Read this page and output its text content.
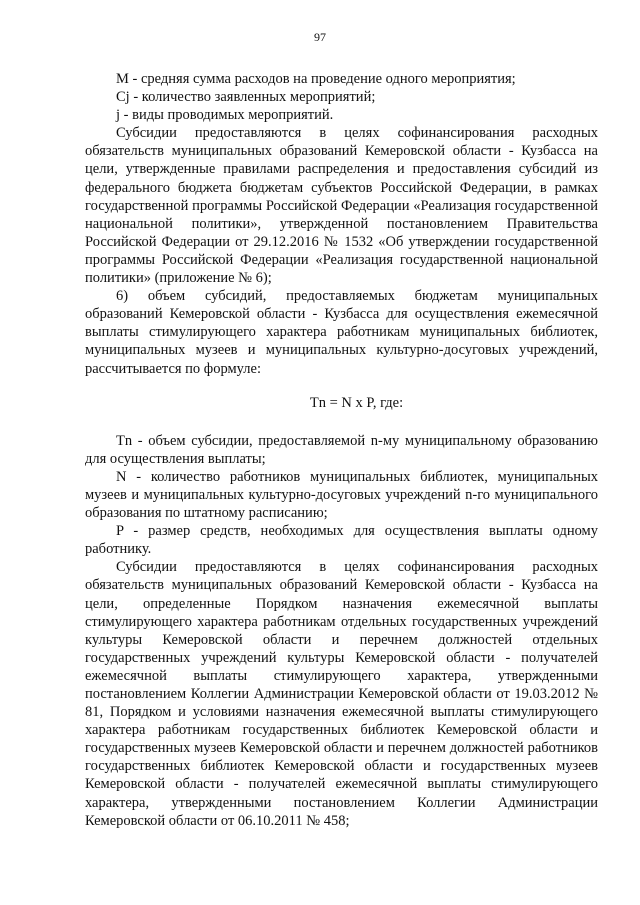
97

M - средняя сумма расходов на проведение одного мероприятия;

Cj - количество заявленных мероприятий;

j - виды проводимых мероприятий.

Субсидии предоставляются в целях софинансирования расходных обязательств муниципальных образований Кемеровской области - Кузбасса на цели, утвержденные правилами распределения и предоставления субсидий из федерального бюджета бюджетам субъектов Российской Федерации, в рамках государственной программы Российской Федерации «Реализация государственной национальной политики», утвержденной постановлением Правительства Российской Федерации от 29.12.2016 № 1532 «Об утверждении государственной программы Российской Федерации «Реализация государственной национальной политики» (приложение № 6);

6) объем субсидий, предоставляемых бюджетам муниципальных образований Кемеровской области - Кузбасса для осуществления ежемесячной выплаты стимулирующего характера работникам муниципальных библиотек, муниципальных музеев и муниципальных культурно-досуговых учреждений, рассчитывается по формуле:

Тn = N x P, где:

Тn - объем субсидии, предоставляемой n-му муниципальному образованию для осуществления выплаты;

N - количество работников муниципальных библиотек, муниципальных музеев и муниципальных культурно-досуговых учреждений n-го муниципального образования по штатному расписанию;

P - размер средств, необходимых для осуществления выплаты одному работнику.

Субсидии предоставляются в целях софинансирования расходных обязательств муниципальных образований Кемеровской области - Кузбасса на цели, определенные Порядком назначения ежемесячной выплаты стимулирующего характера работникам отдельных государственных учреждений культуры Кемеровской области и перечнем должностей отдельных государственных учреждений культуры Кемеровской области - получателей ежемесячной выплаты стимулирующего характера, утвержденными постановлением Коллегии Администрации Кемеровской области от 19.03.2012 № 81, Порядком и условиями назначения ежемесячной выплаты стимулирующего характера работникам государственных библиотек Кемеровской области и государственных музеев Кемеровской области и перечнем должностей работников государственных библиотек Кемеровской области и государственных музеев Кемеровской области - получателей ежемесячной выплаты стимулирующего характера, утвержденными постановлением Коллегии Администрации Кемеровской области от 06.10.2011 № 458;
